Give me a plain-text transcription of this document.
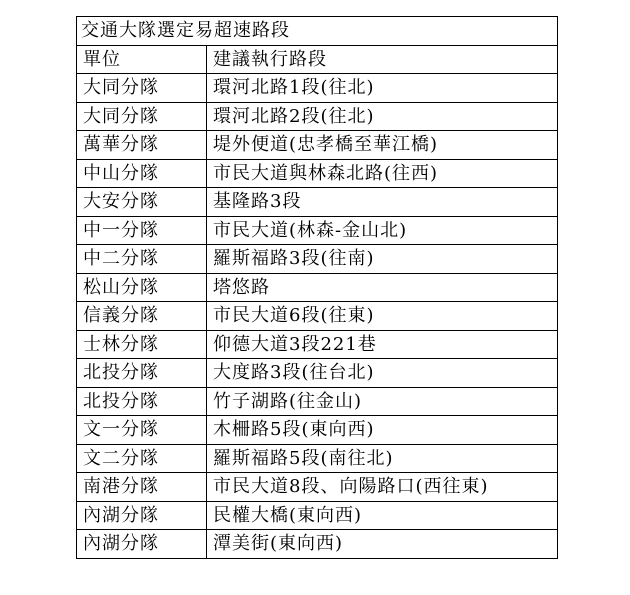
交通大隊選定易超速路段	
單位	建議執行路段
大同分隊	環河北路1段(往北)
大同分隊	環河北路2段(往北)
萬華分隊	堤外便道(忠孝橋至華江橋)
中山分隊	市民大道與林森北路(往西)
大安分隊	基隆路3段
中一分隊	市民大道(林森-金山北)
中二分隊	羅斯福路3段(往南)
松山分隊	塔悠路
信義分隊	市民大道6段(往東)
士林分隊	仰德大道3段221巷
北投分隊	大度路3段(往台北)
北投分隊	竹子湖路(往金山)
文一分隊	木柵路5段(東向西)
文二分隊	羅斯福路5段(南往北)
南港分隊	市民大道8段、向陽路口(西往東)
內湖分隊	民權大橋(東向西)
內湖分隊	潭美街(東向西)
